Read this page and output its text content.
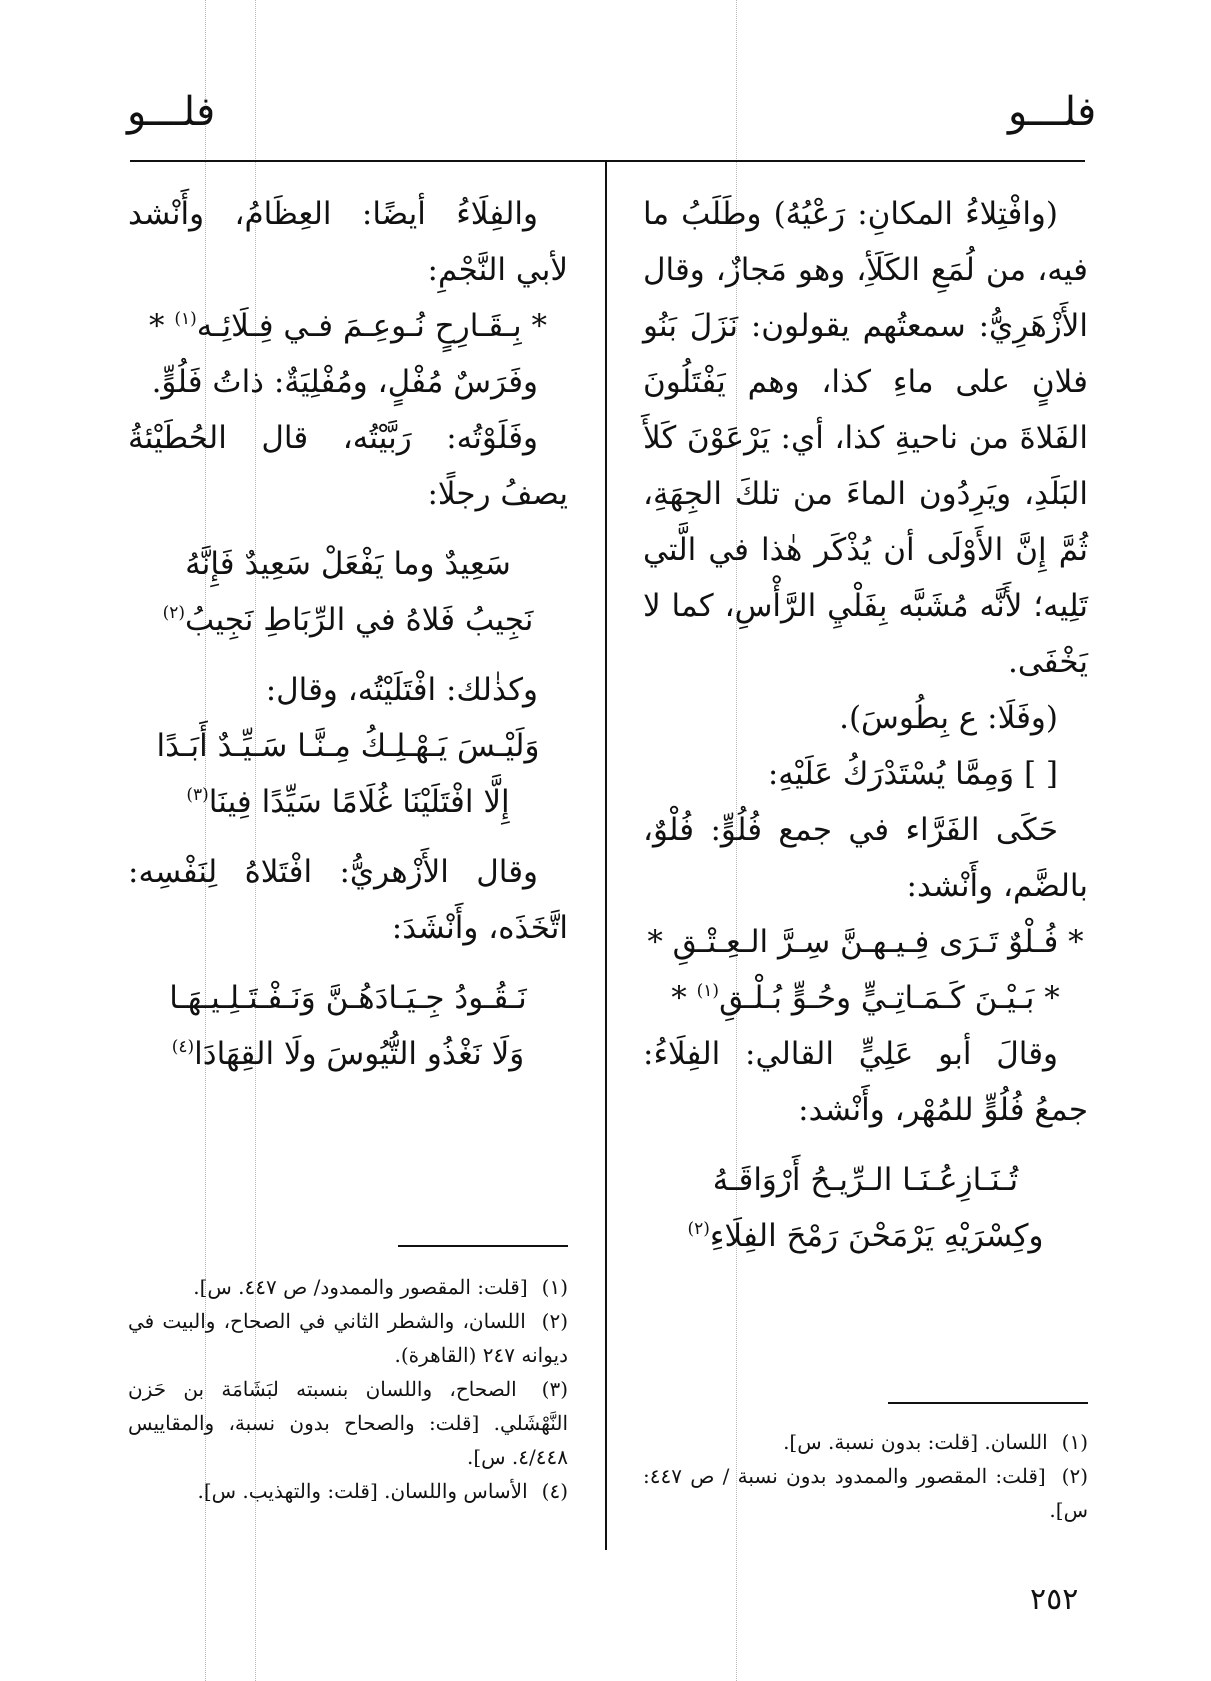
فلـــو
فلـــو

(وافْتِلاءُ المكانِ: رَعْيُهُ) وطَلَبُ ما فيه، من لُمَعِ الكَلَأِ، وهو مَجازٌ، وقال الأَزْهَرِيُّ: سمعتُهم يقولون: نَزَلَ بَنُو فلانٍ على ماءِ كذا، وهم يَفْتَلُونَ الفَلاةَ من ناحيةِ كذا، أي: يَرْعَوْنَ كَلأَ البَلَدِ، ويَرِدُون الماءَ من تلكَ الجِهَةِ، ثُمَّ إِنَّ الأَوْلَى أن يُذْكَر هٰذا في الَّتي تَلِيه؛ لأَنَّه مُشَبَّه بِفَلْيِ الرَّأْسِ، كما لا يَخْفَى.

(وفَلَا: ع بِطُوسَ).

[ ] وَمِمَّا يُسْتَدْرَكُ عَلَيْهِ:

حَكَى الفَرَّاء في جمع فُلُوٍّ: فُلْوٌ، بالضَّم، وأَنْشد:

* فُـلْوٌ تَـرَى فِـيـهـنَّ سِـرَّ الـعِـتْـقِ *

* بَـيْـنَ كَـمَـاتِـيٍّ وحُـوٍّ بُـلْـقِ$^{(١)}$ *

وقالَ أبو عَلِيٍّ القالي: الفِلَاءُ: جمعُ فُلُوٍّ للمُهْر، وأَنْشد:

تُـنَـازِعُـنَـا الـرِّيـحُ أَرْوَاقَـهُ

وكِسْرَيْهِ يَرْمَحْنَ رَمْحَ الفِلَاءِ$^{(٢)}$

والفِلَاءُ أيضًا: العِظَامُ، وأَنْشد لأبي النَّجْمِ:

* بِـقَـارِحٍ نُـوعِـمَ فـي فِـلَائِـه$^{(١)}$ *

وفَرَسٌ مُفْلٍ، ومُفْلِيَةٌ: ذاتُ فَلُوٍّ.

وفَلَوْتُه: رَبَّيْتُه، قال الحُطَيْئةُ يصفُ رجلًا:

سَعِيدٌ وما يَفْعَلْ سَعِيدٌ فَإِنَّهُ

نَجِيبُ فَلاهُ في الرِّبَاطِ نَجِيبُ$^{(٢)}$

وكذٰلك: افْتَلَيْتُه، وقال:

وَلَيْـسَ يَـهْـلِـكُ مِـنَّـا سَـيِّـدٌ أَبَـدًا

إِلَّا افْتَلَيْنَا غُلَامًا سَيِّدًا فِينَا$^{(٣)}$

وقال الأَزْهريُّ: افْتَلاهُ لِنَفْسِه: اتَّخَذَه، وأَنْشَدَ:

نَـقُـودُ جِـيَـادَهُـنَّ وَنَـفْـتَـلِـيـهَـا

وَلَا نَغْذُو التُّيُوسَ ولَا القِهَادَا$^{(٤)}$

(١) اللسان. [قلت: بدون نسبة. س].

(٢) [قلت: المقصور والممدود بدون نسبة / ص ٤٤٧: س].

(١) [قلت: المقصور والممدود/ ص ٤٤٧. س].

(٢) اللسان، والشطر الثاني في الصحاح، والبيت في ديوانه ٢٤٧ (القاهرة).

(٣) الصحاح، واللسان بنسبته لبَشَامَة بن حَزن النَّهْشَلي. [قلت: والصحاح بدون نسبة، والمقاييس ٤/٤٤٨. س].

(٤) الأساس واللسان. [قلت: والتهذيب. س].

٢٥٢
